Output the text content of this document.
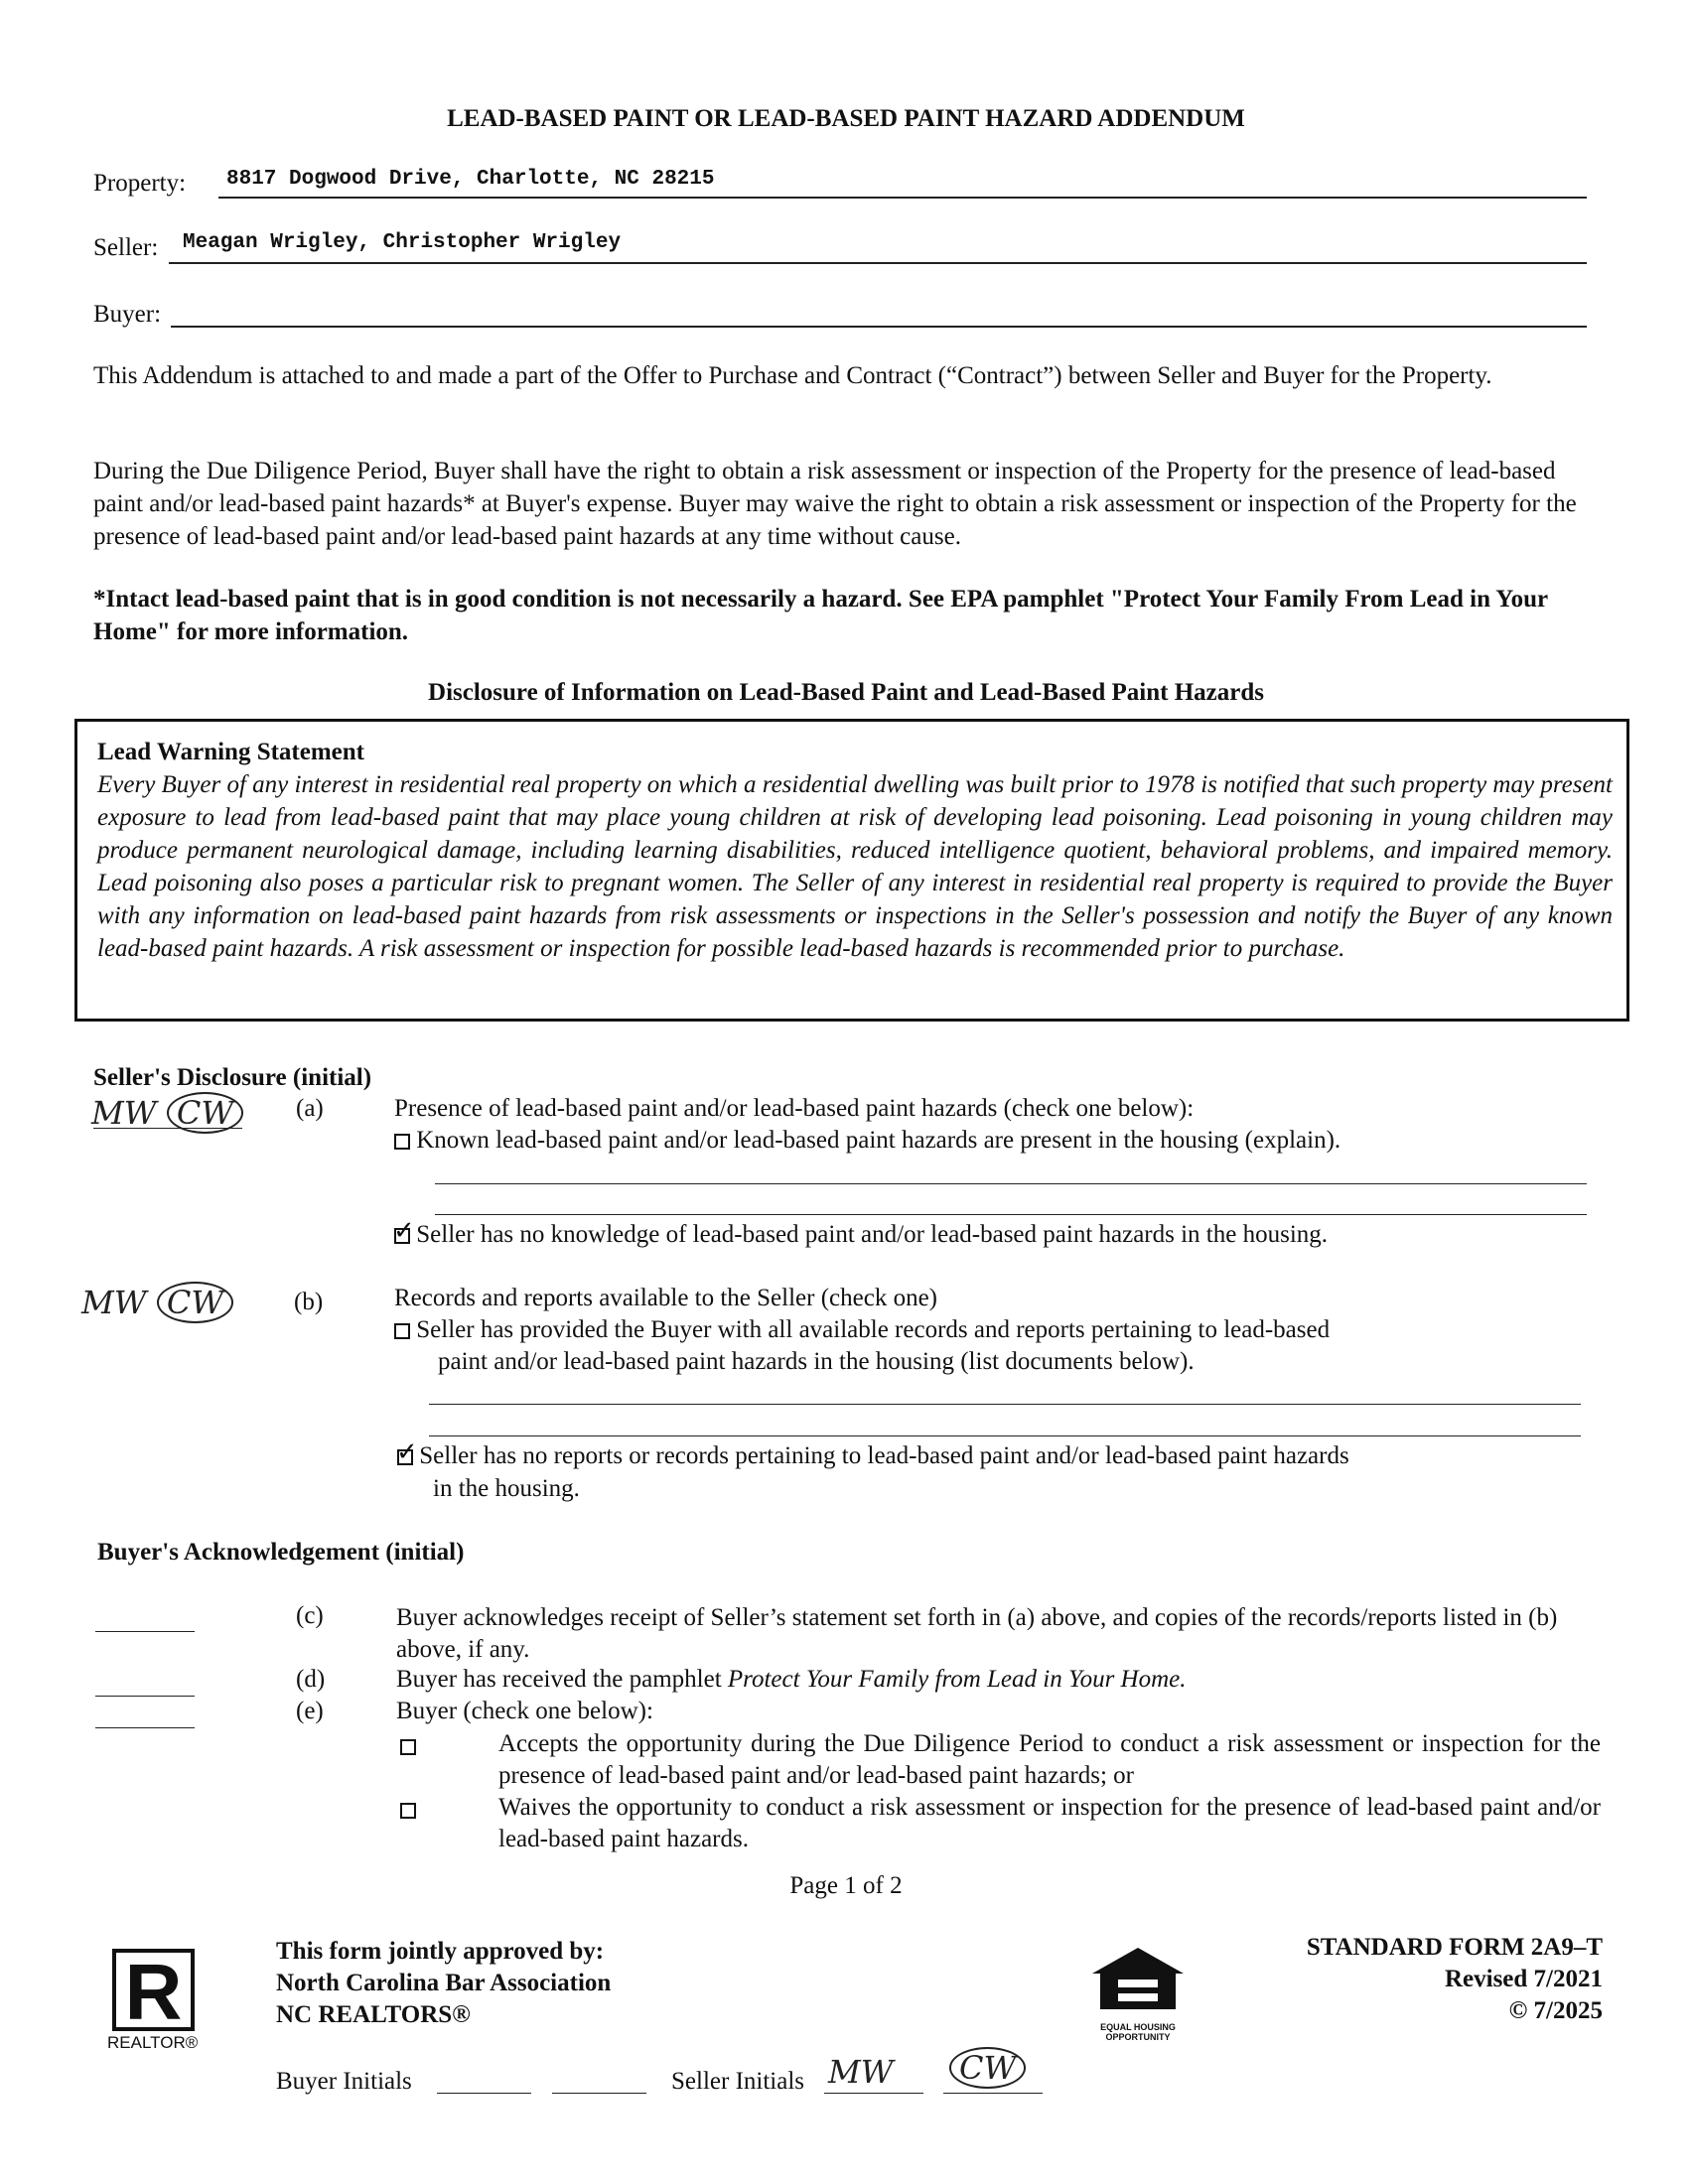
LEAD-BASED PAINT OR LEAD-BASED PAINT HAZARD ADDENDUM
Property: 8817 Dogwood Drive, Charlotte, NC 28215
Seller: Meagan Wrigley, Christopher Wrigley
Buyer:
This Addendum is attached to and made a part of the Offer to Purchase and Contract (“Contract”) between Seller and Buyer for the Property.
During the Due Diligence Period, Buyer shall have the right to obtain a risk assessment or inspection of the Property for the presence of lead-based paint and/or lead-based paint hazards* at Buyer's expense. Buyer may waive the right to obtain a risk assessment or inspection of the Property for the presence of lead-based paint and/or lead-based paint hazards at any time without cause.
*Intact lead-based paint that is in good condition is not necessarily a hazard. See EPA pamphlet "Protect Your Family From Lead in Your Home" for more information.
Disclosure of Information on Lead-Based Paint and Lead-Based Paint Hazards
Lead Warning Statement
Every Buyer of any interest in residential real property on which a residential dwelling was built prior to 1978 is notified that such property may present exposure to lead from lead-based paint that may place young children at risk of developing lead poisoning. Lead poisoning in young children may produce permanent neurological damage, including learning disabilities, reduced intelligence quotient, behavioral problems, and impaired memory. Lead poisoning also poses a particular risk to pregnant women. The Seller of any interest in residential real property is required to provide the Buyer with any information on lead-based paint hazards from risk assessments or inspections in the Seller's possession and notify the Buyer of any known lead-based paint hazards. A risk assessment or inspection for possible lead-based hazards is recommended prior to purchase.
Seller's Disclosure (initial)
MW CW	(a)	Presence of lead-based paint and/or lead-based paint hazards (check one below):
Known lead-based paint and/or lead-based paint hazards are present in the housing (explain).
✓ Seller has no knowledge of lead-based paint and/or lead-based paint hazards in the housing.
MW CW	(b)	Records and reports available to the Seller (check one)
Seller has provided the Buyer with all available records and reports pertaining to lead-based
paint and/or lead-based paint hazards in the housing (list documents below).
✓ Seller has no reports or records pertaining to lead-based paint and/or lead-based paint hazards
in the housing.
Buyer's Acknowledgement (initial)
(c)	Buyer acknowledges receipt of Seller’s statement set forth in (a) above, and copies of the records/reports listed in (b) above, if any.
(d)	Buyer has received the pamphlet Protect Your Family from Lead in Your Home.
(e)	Buyer (check one below):
Accepts the opportunity during the Due Diligence Period to conduct a risk assessment or inspection for the presence of lead-based paint and/or lead-based paint hazards; or
Waives the opportunity to conduct a risk assessment or inspection for the presence of lead-based paint and/or lead-based paint hazards.
Page 1 of 2
R
REALTOR®
This form jointly approved by:
North Carolina Bar Association
NC REALTORS®	EQUAL HOUSING
OPPORTUNITY
STANDARD FORM 2A9–T
Revised 7/2021
© 7/2025
Buyer Initials	Seller Initials MW	CW
